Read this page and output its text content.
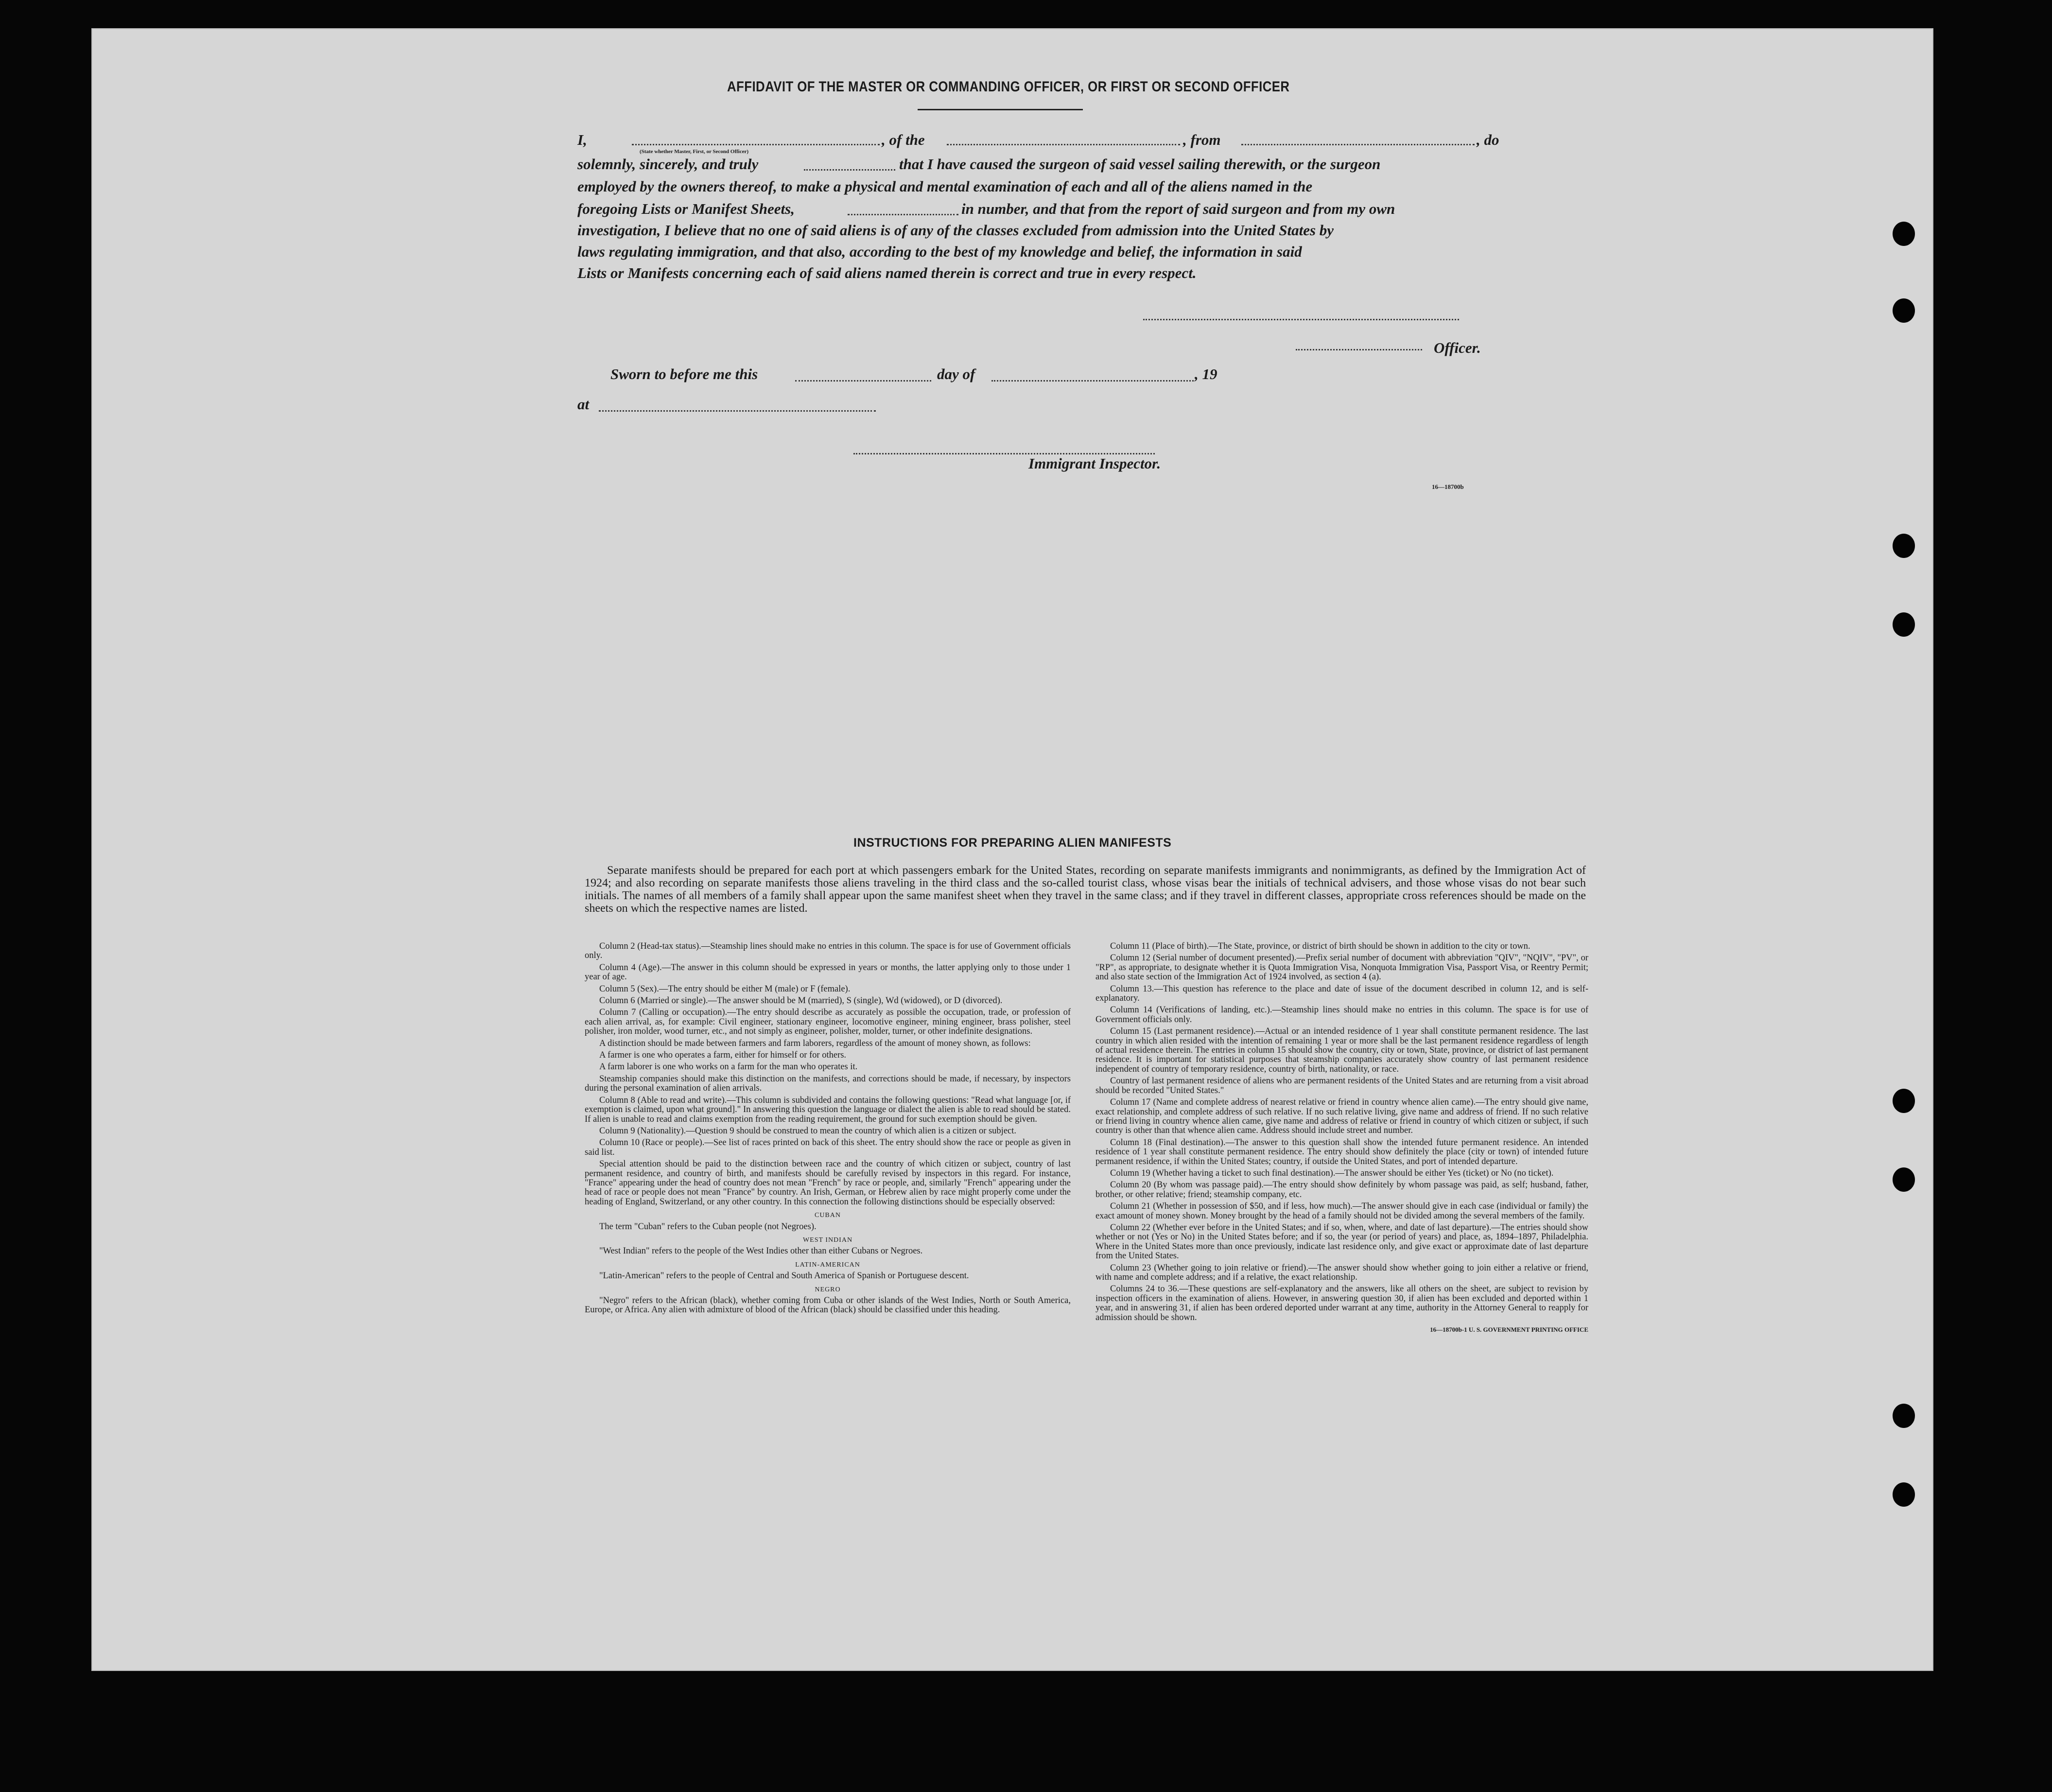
AFFIDAVIT OF THE MASTER OR COMMANDING OFFICER, OR FIRST OR SECOND OFFICER
I,
(State whether Master, First, or Second Officer)
, of the	, from	, do
solemnly, sincerely, and truly	that I have caused the surgeon of said vessel sailing therewith, or the surgeon
employed by the owners thereof, to make a physical and mental examination of each and all of the aliens named in the
foregoing Lists or Manifest Sheets,	in number, and that from the report of said surgeon and from my own
investigation, I believe that no one of said aliens is of any of the classes excluded from admission into the United States by
laws regulating immigration, and that also, according to the best of my knowledge and belief, the information in said
Lists or Manifests concerning each of said aliens named therein is correct and true in every respect.
Officer.
Sworn to before me this	day of	, 19
at
Immigrant Inspector.
16—18700b
INSTRUCTIONS FOR PREPARING ALIEN MANIFESTS
Separate manifests should be prepared for each port at which passengers embark for the United States, recording on separate manifests immigrants and nonimmigrants, as defined by the Immigration Act of 1924; and also recording on separate manifests those aliens traveling in the third class and the so-called tourist class, whose visas bear the initials of technical advisers, and those whose visas do not bear such initials. The names of all members of a family shall appear upon the same manifest sheet when they travel in the same class; and if they travel in different classes, appropriate cross references should be made on the sheets on which the respective names are listed.

Column 2 (Head-tax status).—Steamship lines should make no entries in this column. The space is for use of Government officials only.

Column 4 (Age).—The answer in this column should be expressed in years or months, the latter applying only to those under 1 year of age.

Column 5 (Sex).—The entry should be either M (male) or F (female).

Column 6 (Married or single).—The answer should be M (married), S (single), Wd (widowed), or D (divorced).

Column 7 (Calling or occupation).—The entry should describe as accurately as possible the occupation, trade, or profession of each alien arrival, as, for example: Civil engineer, stationary engineer, locomotive engineer, mining engineer, brass polisher, steel polisher, iron molder, wood turner, etc., and not simply as engineer, polisher, molder, turner, or other indefinite designations.

A distinction should be made between farmers and farm laborers, regardless of the amount of money shown, as follows:

A farmer is one who operates a farm, either for himself or for others.

A farm laborer is one who works on a farm for the man who operates it.

Steamship companies should make this distinction on the manifests, and corrections should be made, if necessary, by inspectors during the personal examination of alien arrivals.

Column 8 (Able to read and write).—This column is subdivided and contains the following questions: "Read what language [or, if exemption is claimed, upon what ground]." In answering this question the language or dialect the alien is able to read should be stated. If alien is unable to read and claims exemption from the reading requirement, the ground for such exemption should be given.

Column 9 (Nationality).—Question 9 should be construed to mean the country of which alien is a citizen or subject.

Column 10 (Race or people).—See list of races printed on back of this sheet. The entry should show the race or people as given in said list.

Special attention should be paid to the distinction between race and the country of which citizen or subject, country of last permanent residence, and country of birth, and manifests should be carefully revised by inspectors in this regard. For instance, "France" appearing under the head of country does not mean "French" by race or people, and, similarly "French" appearing under the head of race or people does not mean "France" by country. An Irish, German, or Hebrew alien by race might properly come under the heading of England, Switzerland, or any other country. In this connection the following distinctions should be especially observed:

CUBAN

The term "Cuban" refers to the Cuban people (not Negroes).

WEST INDIAN

"West Indian" refers to the people of the West Indies other than either Cubans or Negroes.

LATIN-AMERICAN

"Latin-American" refers to the people of Central and South America of Spanish or Portuguese descent.

NEGRO

"Negro" refers to the African (black), whether coming from Cuba or other islands of the West Indies, North or South America, Europe, or Africa. Any alien with admixture of blood of the African (black) should be classified under this heading.

Column 11 (Place of birth).—The State, province, or district of birth should be shown in addition to the city or town.

Column 12 (Serial number of document presented).—Prefix serial number of document with abbreviation "QIV", "NQIV", "PV", or "RP", as appropriate, to designate whether it is Quota Immigration Visa, Nonquota Immigration Visa, Passport Visa, or Reentry Permit; and also state section of the Immigration Act of 1924 involved, as section 4 (a).

Column 13.—This question has reference to the place and date of issue of the document described in column 12, and is self-explanatory.

Column 14 (Verifications of landing, etc.).—Steamship lines should make no entries in this column. The space is for use of Government officials only.

Column 15 (Last permanent residence).—Actual or an intended residence of 1 year shall constitute permanent residence. The last country in which alien resided with the intention of remaining 1 year or more shall be the last permanent residence regardless of length of actual residence therein. The entries in column 15 should show the country, city or town, State, province, or district of last permanent residence. It is important for statistical purposes that steamship companies accurately show country of last permanent residence independent of country of temporary residence, country of birth, nationality, or race.

Country of last permanent residence of aliens who are permanent residents of the United States and are returning from a visit abroad should be recorded "United States."

Column 17 (Name and complete address of nearest relative or friend in country whence alien came).—The entry should give name, exact relationship, and complete address of such relative. If no such relative living, give name and address of friend. If no such relative or friend living in country whence alien came, give name and address of relative or friend in country of which citizen or subject, if such country is other than that whence alien came. Address should include street and number.

Column 18 (Final destination).—The answer to this question shall show the intended future permanent residence. An intended residence of 1 year shall constitute permanent residence. The entry should show definitely the place (city or town) of intended future permanent residence, if within the United States; country, if outside the United States, and port of intended departure.

Column 19 (Whether having a ticket to such final destination).—The answer should be either Yes (ticket) or No (no ticket).

Column 20 (By whom was passage paid).—The entry should show definitely by whom passage was paid, as self; husband, father, brother, or other relative; friend; steamship company, etc.

Column 21 (Whether in possession of $50, and if less, how much).—The answer should give in each case (individual or family) the exact amount of money shown. Money brought by the head of a family should not be divided among the several members of the family.

Column 22 (Whether ever before in the United States; and if so, when, where, and date of last departure).—The entries should show whether or not (Yes or No) in the United States before; and if so, the year (or period of years) and place, as, 1894–1897, Philadelphia. Where in the United States more than once previously, indicate last residence only, and give exact or approximate date of last departure from the United States.

Column 23 (Whether going to join relative or friend).—The answer should show whether going to join either a relative or friend, with name and complete address; and if a relative, the exact relationship.

Columns 24 to 36.—These questions are self-explanatory and the answers, like all others on the sheet, are subject to revision by inspection officers in the examination of aliens. However, in answering question 30, if alien has been excluded and deported within 1 year, and in answering 31, if alien has been ordered deported under warrant at any time, authority in the Attorney General to reapply for admission should be shown.

16—18700b-1 U. S. GOVERNMENT PRINTING OFFICE
